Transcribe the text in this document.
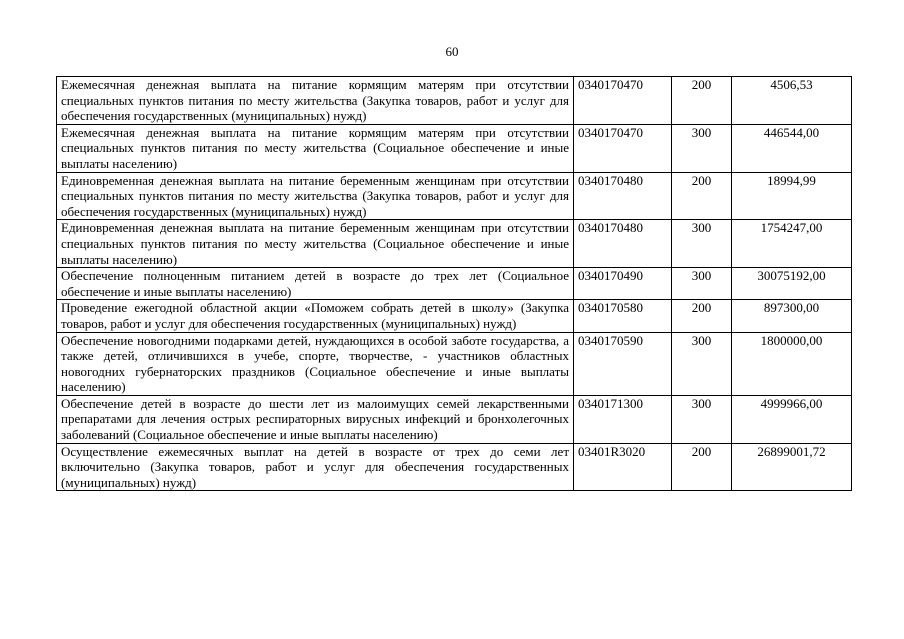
60
Ежемесячная денежная выплата на питание кормящим матерям при отсутствии специальных пунктов питания по месту жительства (Закупка товаров, работ и услуг для обеспечения государственных (муниципальных) нужд)	0340170470	200	4506,53
Ежемесячная денежная выплата на питание кормящим матерям при отсутствии специальных пунктов питания по месту жительства (Социальное обеспечение и иные выплаты населению)	0340170470	300	446544,00
Единовременная денежная выплата на питание беременным женщинам при отсутствии специальных пунктов питания по месту жительства (Закупка товаров, работ и услуг для обеспечения государственных (муниципальных) нужд)	0340170480	200	18994,99
Единовременная денежная выплата на питание беременным женщинам при отсутствии специальных пунктов питания по месту жительства (Социальное обеспечение и иные выплаты населению)	0340170480	300	1754247,00
Обеспечение полноценным питанием детей в возрасте до трех лет (Социальное обеспечение и иные выплаты населению)	0340170490	300	30075192,00
Проведение ежегодной областной акции «Поможем собрать детей в школу» (Закупка товаров, работ и услуг для обеспечения государственных (муниципальных) нужд)	0340170580	200	897300,00
Обеспечение новогодними подарками детей, нуждающихся в особой заботе государства, а также детей, отличившихся в учебе, спорте, творчестве, - участников областных новогодних губернаторских праздников (Социальное обеспечение и иные выплаты населению)	0340170590	300	1800000,00
Обеспечение детей в возрасте до шести лет из малоимущих семей лекарственными препаратами для лечения острых респираторных вирусных инфекций и бронхолегочных заболеваний (Социальное обеспечение и иные выплаты населению)	0340171300	300	4999966,00
Осуществление ежемесячных выплат на детей в возрасте от трех до семи лет включительно (Закупка товаров, работ и услуг для обеспечения государственных (муниципальных) нужд)	03401R3020	200	26899001,72
